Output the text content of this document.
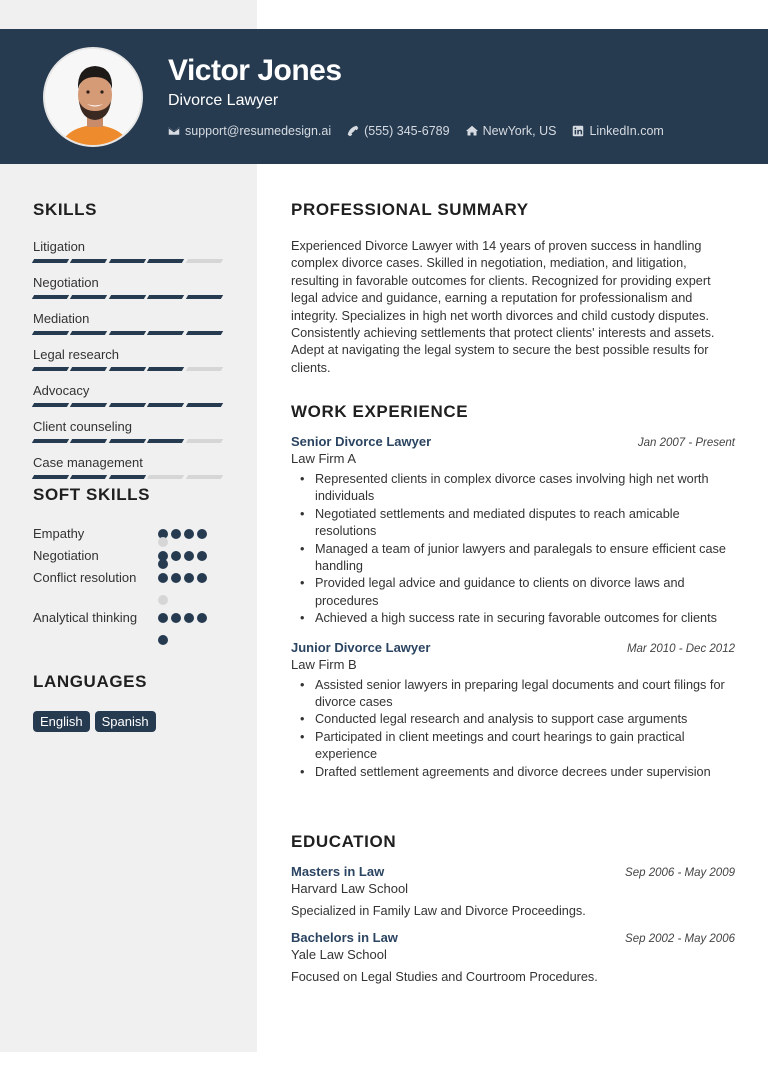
Victor Jones
Divorce Lawyer
support@resumedesign.ai	(555) 345-6789	NewYork, US	LinkedIn.com
SKILLS
Litigation
Negotiation
Mediation
Legal research
Advocacy
Client counseling
Case management
SOFT SKILLS
Empathy
Negotiation
Conflict resolution
Analytical thinking
LANGUAGES
English	Spanish
PROFESSIONAL SUMMARY

Experienced Divorce Lawyer with 14 years of proven success in handling complex divorce cases. Skilled in negotiation, mediation, and litigation, resulting in favorable outcomes for clients. Recognized for providing expert legal advice and guidance, earning a reputation for professionalism and integrity. Specializes in high net worth divorces and child custody disputes. Consistently achieving settlements that protect clients' interests and assets. Adept at navigating the legal system to secure the best possible results for clients.

WORK EXPERIENCE
Senior Divorce Lawyer	Jan 2007 - Present
Law Firm A
• Represented clients in complex divorce cases involving high net worth individuals
• Negotiated settlements and mediated disputes to reach amicable resolutions
• Managed a team of junior lawyers and paralegals to ensure efficient case handling
• Provided legal advice and guidance to clients on divorce laws and procedures
• Achieved a high success rate in securing favorable outcomes for clients
Junior Divorce Lawyer	Mar 2010 - Dec 2012
Law Firm B
• Assisted senior lawyers in preparing legal documents and court filings for divorce cases
• Conducted legal research and analysis to support case arguments
• Participated in client meetings and court hearings to gain practical experience
• Drafted settlement agreements and divorce decrees under supervision
EDUCATION
Masters in Law	Sep 2006 - May 2009
Harvard Law School
Specialized in Family Law and Divorce Proceedings.
Bachelors in Law	Sep 2002 - May 2006
Yale Law School
Focused on Legal Studies and Courtroom Procedures.
